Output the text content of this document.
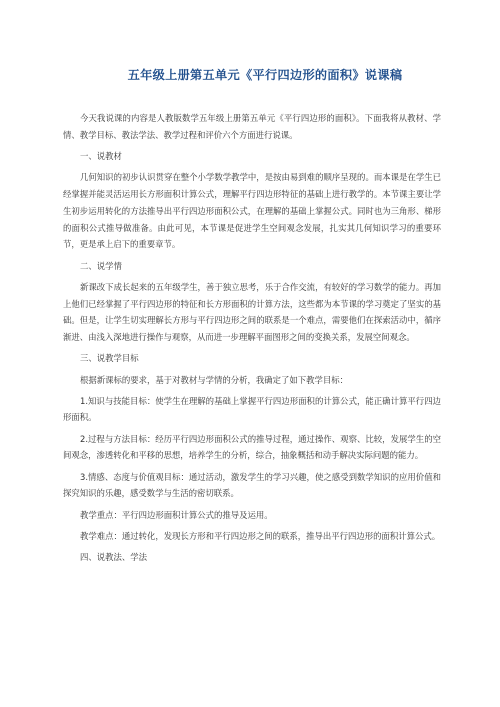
五年级上册第五单元《平行四边形的面积》说课稿

今天我说课的内容是人教版数学五年级上册第五单元《平行四边形的面积》。下面我将从教材、学情、教学目标、教法学法、教学过程和评价六个方面进行说课。

一、说教材

几何知识的初步认识贯穿在整个小学数学教学中，是按由易到难的顺序呈现的。而本课是在学生已经掌握并能灵活运用长方形面积计算公式，理解平行四边形特征的基础上进行教学的。本节课主要让学生初步运用转化的方法推导出平行四边形面积公式，在理解的基础上掌握公式。同时也为三角形、梯形的面积公式推导做准备。由此可见，本节课是促进学生空间观念发展，扎实其几何知识学习的重要环节，更是承上启下的重要章节。

二、说学情

新课改下成长起来的五年级学生，善于独立思考，乐于合作交流，有较好的学习数学的能力。再加上他们已经掌握了平行四边形的特征和长方形面积的计算方法，这些都为本节课的学习奠定了坚实的基础。但是，让学生切实理解长方形与平行四边形之间的联系是一个难点，需要他们在探索活动中，循序渐进、由浅入深地进行操作与观察，从而进一步理解平面图形之间的变换关系，发展空间观念。

三、说教学目标

根据新课标的要求，基于对教材与学情的分析，我确定了如下教学目标：

1.知识与技能目标：使学生在理解的基础上掌握平行四边形面积的计算公式，能正确计算平行四边形面积。

2.过程与方法目标：经历平行四边形面积公式的推导过程，通过操作、观察、比较，发展学生的空间观念，渗透转化和平移的思想，培养学生的分析，综合，抽象概括和动手解决实际问题的能力。

3.情感、态度与价值观目标：通过活动，激发学生的学习兴趣，使之感受到数学知识的应用价值和探究知识的乐趣，感受数学与生活的密切联系。

教学重点：平行四边形面积计算公式的推导及运用。

教学难点：通过转化，发现长方形和平行四边形之间的联系，推导出平行四边形的面积计算公式。

四、说教法、学法
